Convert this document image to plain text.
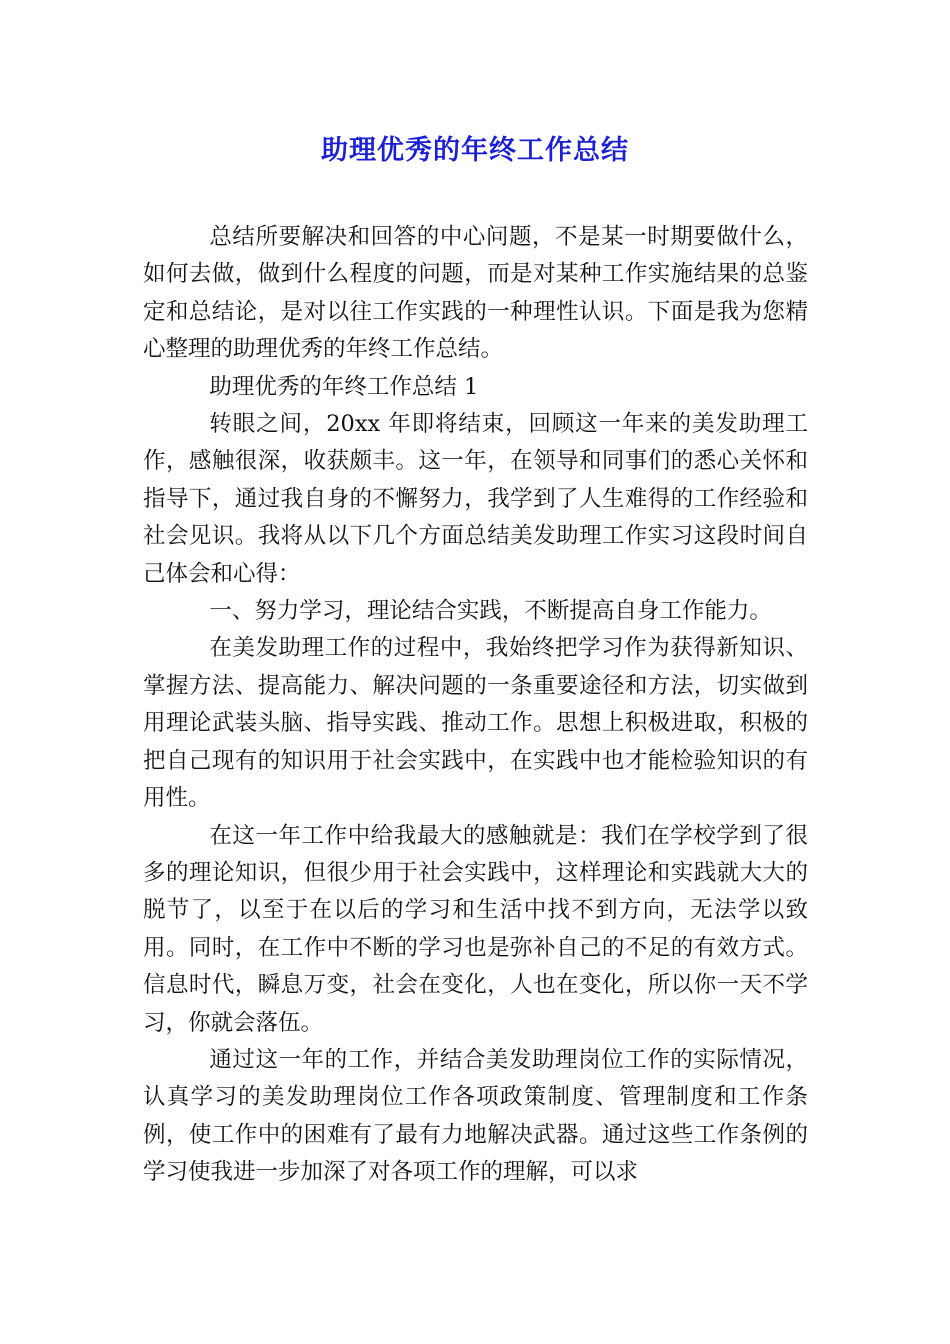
助理优秀的年终工作总结

总结所要解决和回答的中心问题，不是某一时期要做什么，如何去做，做到什么程度的问题，而是对某种工作实施结果的总鉴定和总结论，是对以往工作实践的一种理性认识。下面是我为您精心整理的助理优秀的年终工作总结。

助理优秀的年终工作总结 1

转眼之间，20xx 年即将结束，回顾这一年来的美发助理工作，感触很深，收获颇丰。这一年，在领导和同事们的悉心关怀和指导下，通过我自身的不懈努力，我学到了人生难得的工作经验和社会见识。我将从以下几个方面总结美发助理工作实习这段时间自己体会和心得：

一、努力学习，理论结合实践，不断提高自身工作能力。

在美发助理工作的过程中，我始终把学习作为获得新知识、掌握方法、提高能力、解决问题的一条重要途径和方法，切实做到用理论武装头脑、指导实践、推动工作。思想上积极进取，积极的把自己现有的知识用于社会实践中，在实践中也才能检验知识的有用性。

在这一年工作中给我最大的感触就是：我们在学校学到了很多的理论知识，但很少用于社会实践中，这样理论和实践就大大的脱节了，以至于在以后的学习和生活中找不到方向，无法学以致用。同时，在工作中不断的学习也是弥补自己的不足的有效方式。信息时代，瞬息万变，社会在变化，人也在变化，所以你一天不学习，你就会落伍。

通过这一年的工作，并结合美发助理岗位工作的实际情况，认真学习的美发助理岗位工作各项政策制度、管理制度和工作条例，使工作中的困难有了最有力地解决武器。通过这些工作条例的学习使我进一步加深了对各项工作的理解，可以求
